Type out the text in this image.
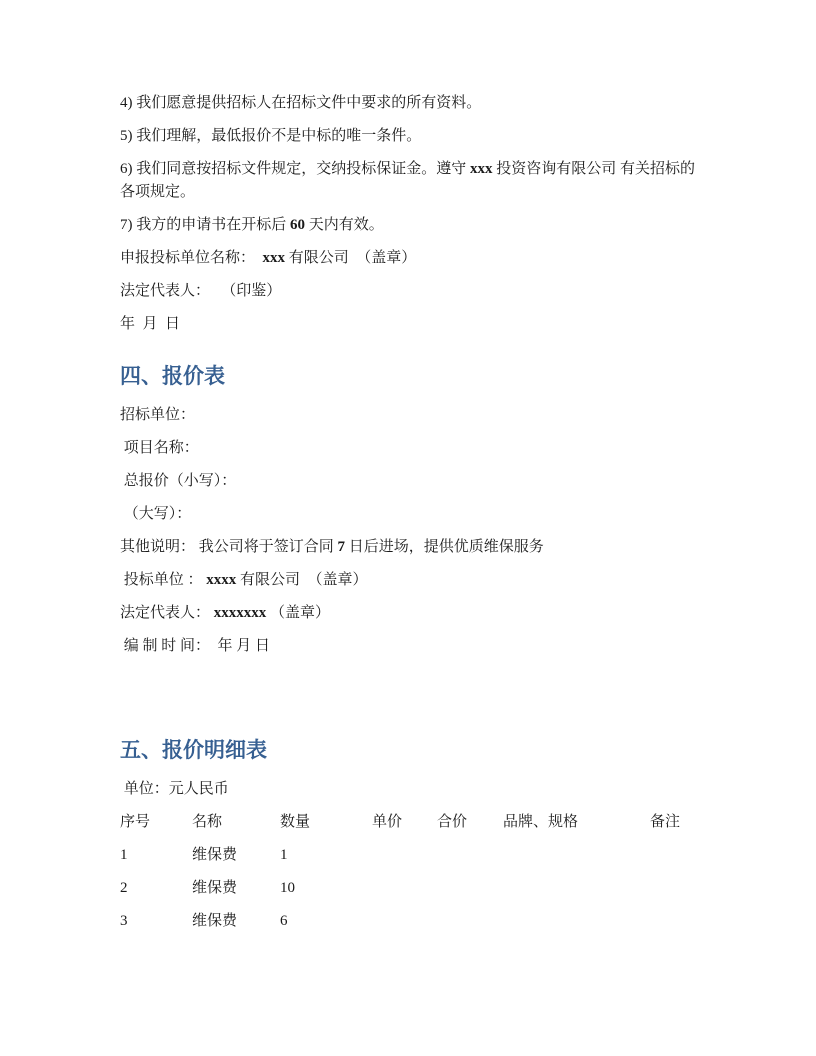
4) 我们愿意提供招标人在招标文件中要求的所有资料。

5) 我们理解，最低报价不是中标的唯一条件。

6) 我们同意按招标文件规定，交纳投标保证金。遵守 xxx 投资咨询有限公司 有关招标的各项规定。

7) 我方的申请书在开标后 60 天内有效。

申报投标单位名称：  xxx 有限公司  （盖章）

法定代表人：   （印鉴）

年  月  日

四、报价表

招标单位：

项目名称：

总报价（小写）：

（大写）：

其他说明： 我公司将于签订合同 7 日后进场，提供优质维保服务

投标单位 ： xxxx 有限公司  （盖章）

法定代表人： xxxxxxx （盖章）

编 制 时 间：  年 月 日

五、报价明细表

单位：元人民币

序号	名称	数量	单价	合价	品牌、规格	备注
1	维保费	1
2	维保费	10
3	维保费	6
